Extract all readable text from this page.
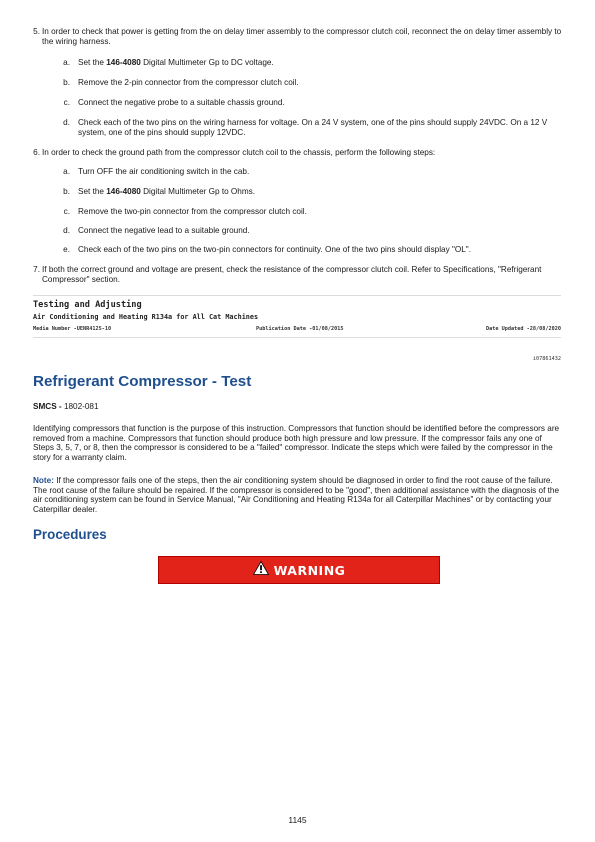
5. In order to check that power is getting from the on delay timer assembly to the compressor clutch coil, reconnect the on delay timer assembly to the wiring harness.
a. Set the 146-4080 Digital Multimeter Gp to DC voltage.
b. Remove the 2-pin connector from the compressor clutch coil.
c. Connect the negative probe to a suitable chassis ground.
d. Check each of the two pins on the wiring harness for voltage. On a 24 V system, one of the pins should supply 24VDC. On a 12 V system, one of the pins should supply 12VDC.
6. In order to check the ground path from the compressor clutch coil to the chassis, perform the following steps:
a. Turn OFF the air conditioning switch in the cab.
b. Set the 146-4080 Digital Multimeter Gp to Ohms.
c. Remove the two-pin connector from the compressor clutch coil.
d. Connect the negative lead to a suitable ground.
e. Check each of the two pins on the two-pin connectors for continuity. One of the two pins should display "OL".
7. If both the correct ground and voltage are present, check the resistance of the compressor clutch coil. Refer to Specifications, "Refrigerant Compressor" section.
Testing and Adjusting
Air Conditioning and Heating R134a for All Cat Machines
Media Number -UENR4125-10	Publication Date -01/08/2015	Date Updated -28/08/2020
i07861432
Refrigerant Compressor - Test
SMCS - 1802-081
Identifying compressors that function is the purpose of this instruction. Compressors that function should be identified before the compressors are removed from a machine. Compressors that function should produce both high pressure and low pressure. If the compressor fails any one of Steps 3, 5, 7, or 8, then the compressor is considered to be a "failed" compressor. Indicate the steps which were failed by the compressor in the story for a warranty claim.
Note: If the compressor fails one of the steps, then the air conditioning system should be diagnosed in order to find the root cause of the failure. The root cause of the failure should be repaired. If the compressor is considered to be "good", then additional assistance with the diagnosis of the air conditioning system can be found in Service Manual, "Air Conditioning and Heating R134a for all Caterpillar Machines" or by contacting your Caterpillar dealer.
Procedures
WARNING
1145
